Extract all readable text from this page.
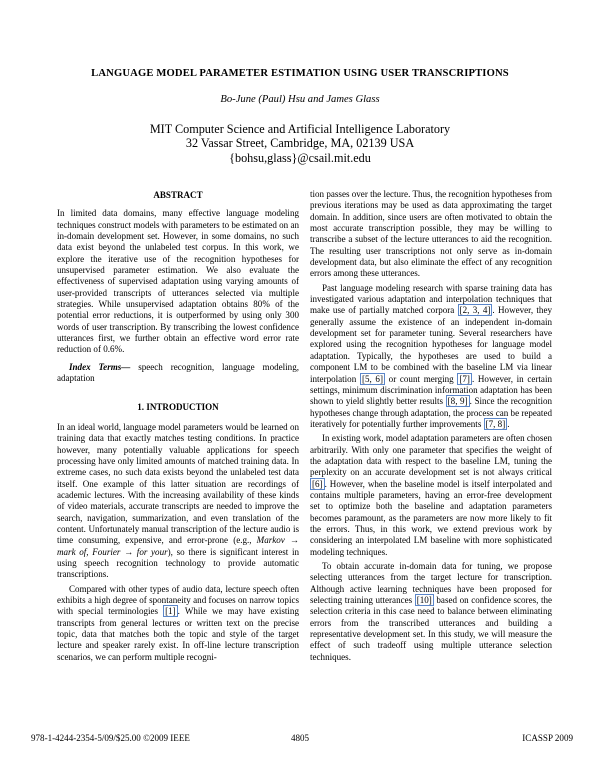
LANGUAGE MODEL PARAMETER ESTIMATION USING USER TRANSCRIPTIONS
Bo-June (Paul) Hsu and James Glass
MIT Computer Science and Artificial Intelligence Laboratory
32 Vassar Street, Cambridge, MA, 02139 USA
{bohsu,glass}@csail.mit.edu
ABSTRACT

In limited data domains, many effective language modeling techniques construct models with parameters to be estimated on an in-domain development set. However, in some domains, no such data exist beyond the unlabeled test corpus. In this work, we explore the iterative use of the recognition hypotheses for unsupervised parameter estimation. We also evaluate the effectiveness of supervised adaptation using varying amounts of user-provided transcripts of utterances selected via multiple strategies. While unsupervised adaptation obtains 80% of the potential error reductions, it is outperformed by using only 300 words of user transcription. By transcribing the lowest confidence utterances first, we further obtain an effective word error rate reduction of 0.6%.

Index Terms— speech recognition, language modeling, adaptation

1. INTRODUCTION

In an ideal world, language model parameters would be learned on training data that exactly matches testing conditions. In practice however, many potentially valuable applications for speech processing have only limited amounts of matched training data. In extreme cases, no such data exists beyond the unlabeled test data itself. One example of this latter situation are recordings of academic lectures. With the increasing availability of these kinds of video materials, accurate transcripts are needed to improve the search, navigation, summarization, and even translation of the content. Unfortunately manual transcription of the lecture audio is time consuming, expensive, and error-prone (e.g., Markov → mark of, Fourier → for your), so there is significant interest in using speech recognition technology to provide automatic transcriptions.

Compared with other types of audio data, lecture speech often exhibits a high degree of spontaneity and focuses on narrow topics with special terminologies [1] . While we may have existing transcripts from general lectures or written text on the precise topic, data that matches both the topic and style of the target lecture and speaker rarely exist. In off-line lecture transcription scenarios, we can perform multiple recogni-

tion passes over the lecture. Thus, the recognition hypotheses from previous iterations may be used as data approximating the target domain. In addition, since users are often motivated to obtain the most accurate transcription possible, they may be willing to transcribe a subset of the lecture utterances to aid the recognition. The resulting user transcriptions not only serve as in-domain development data, but also eliminate the effect of any recognition errors among these utterances.

Past language modeling research with sparse training data has investigated various adaptation and interpolation techniques that make use of partially matched corpora [2, 3, 4] . However, they generally assume the existence of an independent in-domain development set for parameter tuning. Several researchers have explored using the recognition hypotheses for language model adaptation. Typically, the hypotheses are used to build a component LM to be combined with the baseline LM via linear interpolation [5, 6] or count merging [7] . However, in certain settings, minimum discrimination information adaptation has been shown to yield slightly better results [8, 9] . Since the recognition hypotheses change through adaptation, the process can be repeated iteratively for potentially further improvements [7, 8] .

In existing work, model adaptation parameters are often chosen arbitrarily. With only one parameter that specifies the weight of the adaptation data with respect to the baseline LM, tuning the perplexity on an accurate development set is not always critical [6] . However, when the baseline model is itself interpolated and contains multiple parameters, having an error-free development set to optimize both the baseline and adaptation parameters becomes paramount, as the parameters are now more likely to fit the errors. Thus, in this work, we extend previous work by considering an interpolated LM baseline with more sophisticated modeling techniques.

To obtain accurate in-domain data for tuning, we propose selecting utterances from the target lecture for transcription. Although active learning techniques have been proposed for selecting training utterances [10] based on confidence scores, the selection criteria in this case need to balance between eliminating errors from the transcribed utterances and building a representative development set. In this study, we will measure the effect of such tradeoff using multiple utterance selection techniques.

978-1-4244-2354-5/09/$25.00 ©2009 IEEE	4805	ICASSP 2009
